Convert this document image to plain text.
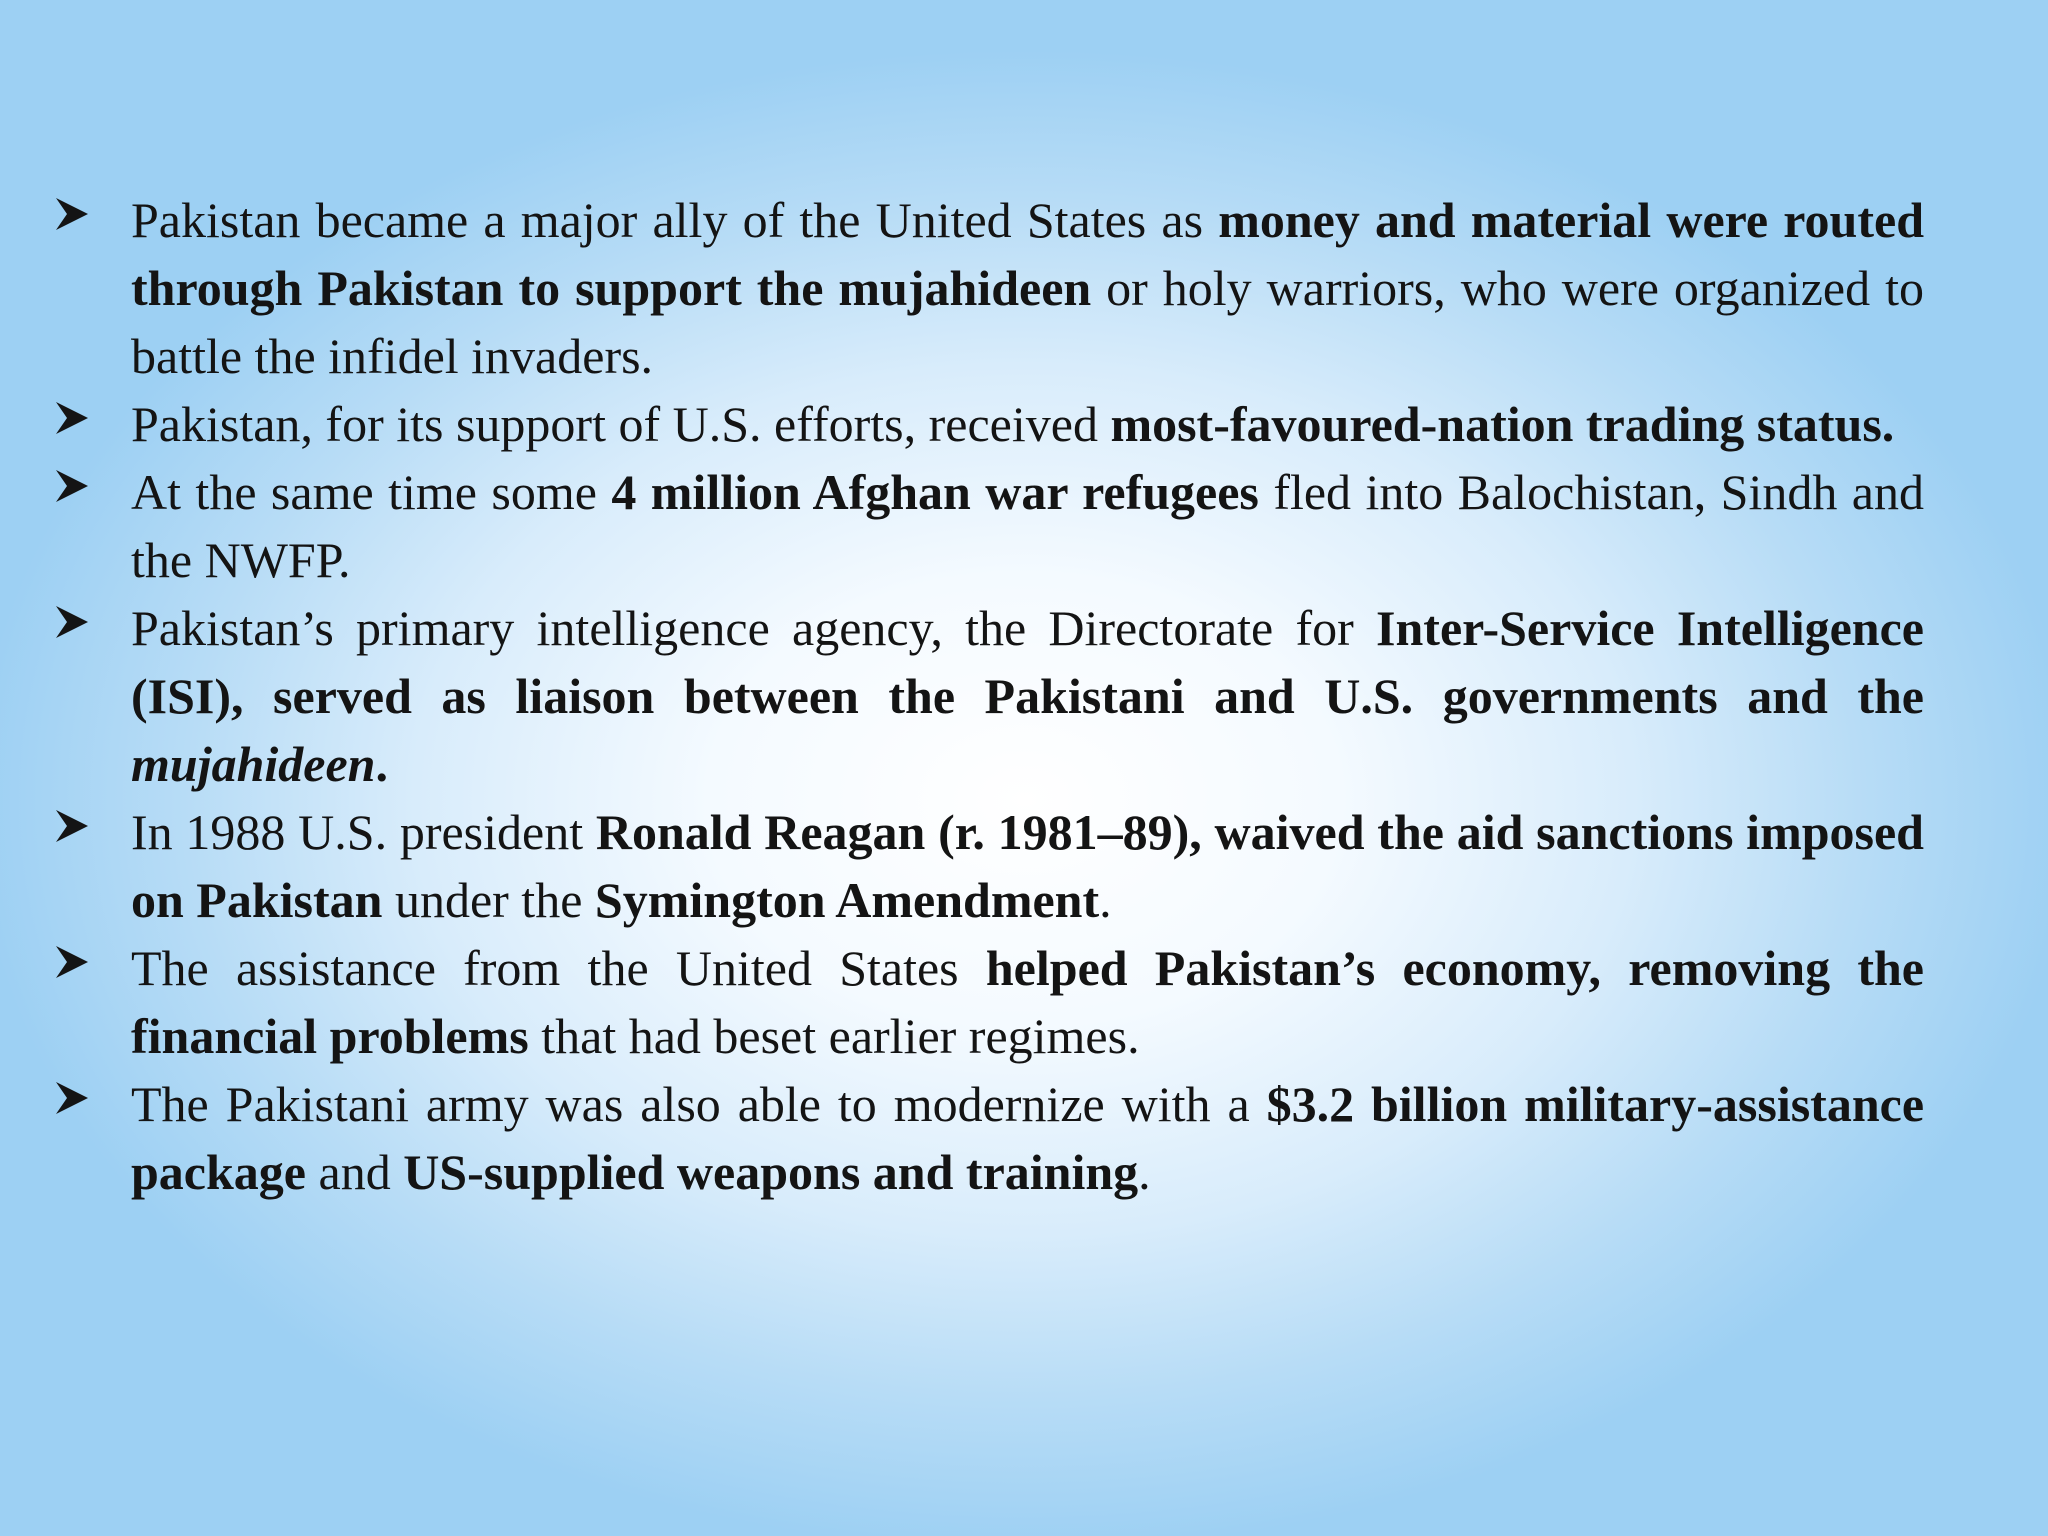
Pakistan became a major ally of the United States as money and material were routed through Pakistan to support the mujahideen or holy warriors, who were organized to battle the infidel invaders.
Pakistan, for its support of U.S. efforts, received most-favoured-nation trading status.
At the same time some 4 million Afghan war refugees fled into Balochistan, Sindh and the NWFP.
Pakistan’s primary intelligence agency, the Directorate for Inter-Service Intelligence (ISI), served as liaison between the Pakistani and U.S. governments and the mujahideen.
In 1988 U.S. president Ronald Reagan (r. 1981–89), waived the aid sanctions imposed on Pakistan under the Symington Amendment.
The assistance from the United States helped Pakistan’s economy, removing the financial problems that had beset earlier regimes.
The Pakistani army was also able to modernize with a $3.2 billion military-assistance package and US-supplied weapons and training.
